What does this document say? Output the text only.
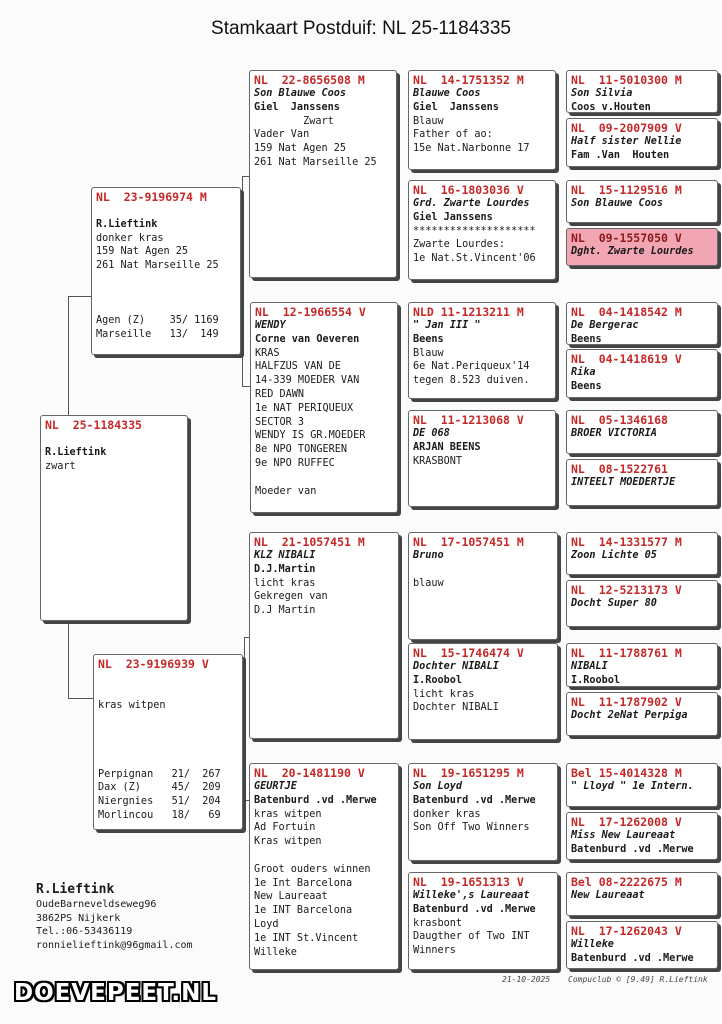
Stamkaart Postduif: NL 25-1184335
NL  25-1184335

R.Lieftink
zwart
NL  23-9196974 M

R.Lieftink
donker kras
159 Nat Agen 25
261 Nat Marseille 25

Agen (Z)    35/ 1169
Marseille   13/  149
NL  23-9196939 V

kras witpen

Perpignan   21/  267
Dax (Z)     45/  209
Niergnies   51/  204
Morlincou   18/   69
NL  22-8656508 M
Son Blauwe Coos
Giel  Janssens
Zwart
Vader Van
159 Nat Agen 25
261 Nat Marseille 25
NL  12-1966554 V
WENDY
Corne van Oeveren
KRAS
HALFZUS VAN DE
14-339 MOEDER VAN
RED DAWN
1e NAT PERIQUEUX
SECTOR 3
WENDY IS GR.MOEDER
8e NPO TONGEREN
9e NPO RUFFEC

Moeder van
NL  21-1057451 M
KLZ NIBALI
D.J.Martin
licht kras
Gekregen van
D.J Martin
NL  20-1481190 V
GEURTJE
Batenburd .vd .Merwe
kras witpen
Ad Fortuin
Kras witpen

Groot ouders winnen
1e Int Barcelona
New Laureaat
1e INT Barcelona
Loyd
1e INT St.Vincent
Willeke
NL  14-1751352 M
Blauwe Coos
Giel  Janssens
Blauw
Father of ao:
15e Nat.Narbonne 17
NL  16-1803036 V
Grd. Zwarte Lourdes
Giel Janssens
********************
Zwarte Lourdes:
1e Nat.St.Vincent'06
NLD 11-1213211 M
" Jan III "
Beens
Blauw
6e Nat.Periqueux'14
tegen 8.523 duiven.
NL  11-1213068 V
DE 068
ARJAN BEENS
KRASBONT
NL  17-1057451 M
Bruno

blauw
NL  15-1746474 V
Dochter NIBALI
I.Roobol
licht kras
Dochter NIBALI
NL  19-1651295 M
Son Loyd
Batenburd .vd .Merwe
donker kras
Son Off Two Winners
NL  19-1651313 V
Willeke',s Laureaat
Batenburd .vd .Merwe
krasbont
Daugther of Two INT
Winners
NL  11-5010300 M
Son Silvia
Coos v.Houten
NL  09-2007909 V
Half sister Nellie
Fam .Van  Houten
NL  15-1129516 M
Son Blauwe Coos
NL  09-1557050 V
Dght. Zwarte Lourdes
NL  04-1418542 M
De Bergerac
Beens
NL  04-1418619 V
Rika
Beens
NL  05-1346168
BROER VICTORIA
NL  08-1522761
INTEELT MOEDERTJE
NL  14-1331577 M
Zoon Lichte 05
NL  12-5213173 V
Docht Super 80
NL  11-1788761 M
NIBALI
I.Roobol
NL  11-1787902 V
Docht 2eNat Perpiga
Bel 15-4014328 M
" Lloyd " 1e Intern.
NL  17-1262008 V
Miss New Laureaat
Batenburd .vd .Merwe
Bel 08-2222675 M
New Laureaat
NL  17-1262043 V
Willeke
Batenburd .vd .Merwe
R.Lieftink
OudeBarneveldseweg96
3862PS Nijkerk
Tel.:06-53436119
ronnielieftink@96gmail.com
DOEVEPEET.NL
21-10-2025 Compuclub © [9.49] R.Lieftink
